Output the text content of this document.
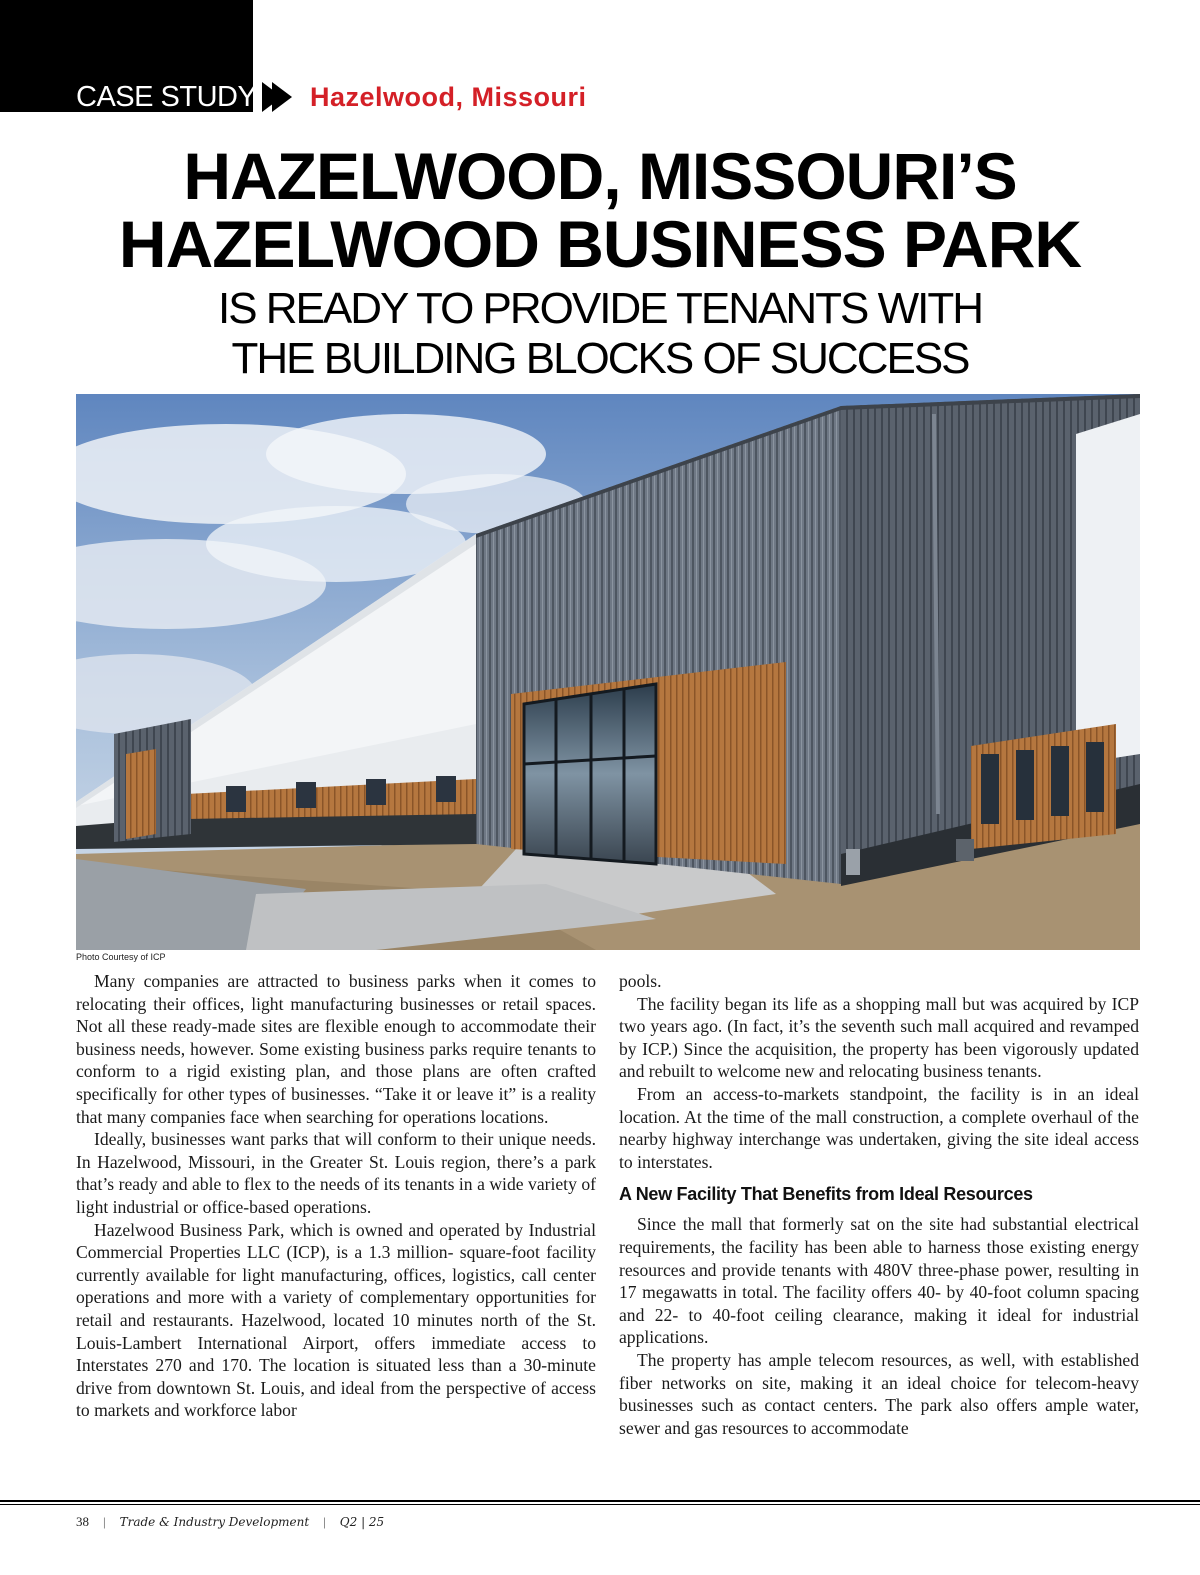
CASE STUDY Hazelwood, Missouri
HAZELWOOD, MISSOURI’S
HAZELWOOD BUSINESS PARK
IS READY TO PROVIDE TENANTS WITH
THE BUILDING BLOCKS OF SUCCESS
Photo Courtesy of ICP

Many companies are attracted to business parks when it comes to relocating their offices, light manufacturing businesses or retail spaces. Not all these ready-made sites are flexible enough to accommodate their business needs, however. Some existing business parks require tenants to conform to a rigid existing plan, and those plans are often crafted specifically for other types of businesses. “Take it or leave it” is a reality that many companies face when searching for operations locations.

Ideally, businesses want parks that will conform to their unique needs. In Hazelwood, Missouri, in the Greater St. Louis region, there’s a park that’s ready and able to flex to the needs of its tenants in a wide variety of light industrial or office-based operations.

Hazelwood Business Park, which is owned and operated by Industrial Commercial Properties LLC (ICP), is a 1.3 million- square-foot facility currently available for light manufacturing, offices, logistics, call center operations and more with a variety of complementary opportunities for retail and restaurants. Hazelwood, located 10 minutes north of the St. Louis-Lambert International Airport, offers immediate access to Interstates 270 and 170. The location is situated less than a 30-minute drive from downtown St. Louis, and ideal from the perspective of access to markets and workforce labor

pools.

The facility began its life as a shopping mall but was acquired by ICP two years ago. (In fact, it’s the seventh such mall acquired and revamped by ICP.) Since the acquisition, the property has been vigorously updated and rebuilt to welcome new and relocating business tenants.

From an access-to-markets standpoint, the facility is in an ideal location. At the time of the mall construction, a complete overhaul of the nearby highway interchange was undertaken, giving the site ideal access to interstates.

A New Facility That Benefits from Ideal Resources

Since the mall that formerly sat on the site had substantial electrical requirements, the facility has been able to harness those existing energy resources and provide tenants with 480V three-phase power, resulting in 17 megawatts in total. The facility offers 40- by 40-foot column spacing and 22- to 40-foot ceiling clearance, making it ideal for industrial applications.

The property has ample telecom resources, as well, with established fiber networks on site, making it an ideal choice for telecom-heavy businesses such as contact centers. The park also offers ample water, sewer and gas resources to accommodate

38 | Trade & Industry Development | Q2 | 25
